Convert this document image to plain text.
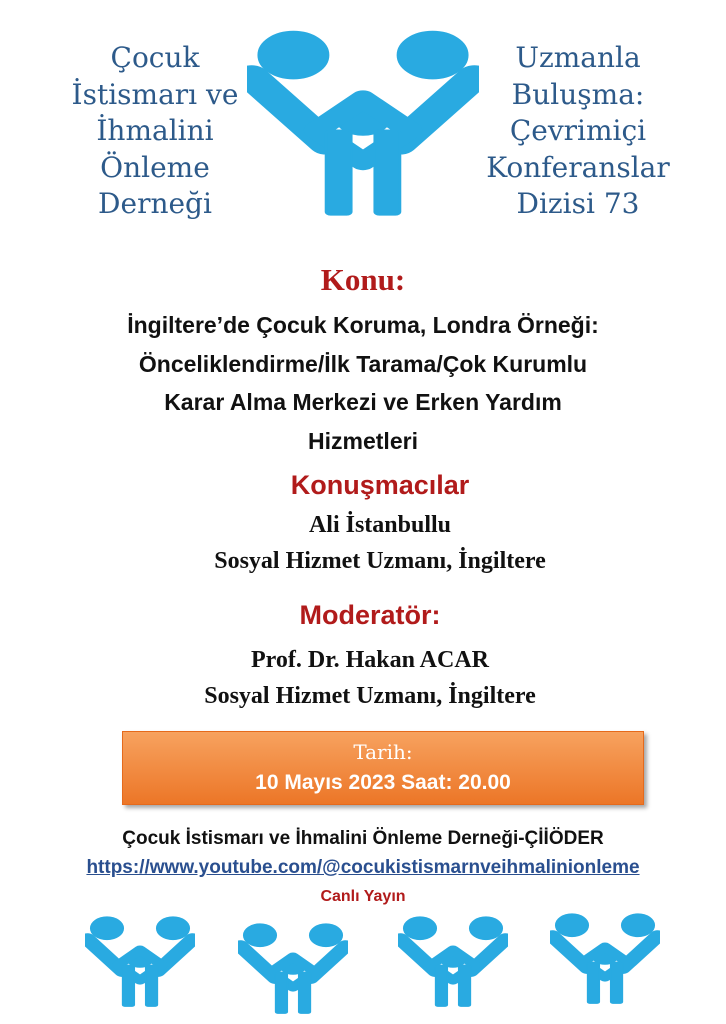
Çocuk
İstismarı ve
İhmalini
Önleme
Derneği
Uzmanla
Buluşma:
Çevrimiçi
Konferanslar
Dizisi 73
Konu:
İngiltere’de Çocuk Koruma, Londra Örneği:
Önceliklendirme/İlk Tarama/Çok Kurumlu
Karar Alma Merkezi ve Erken Yardım
Hizmetleri
Konuşmacılar
Ali İstanbullu
Sosyal Hizmet Uzmanı, İngiltere
Moderatör:
Prof. Dr. Hakan ACAR
Sosyal Hizmet Uzmanı, İngiltere
Tarih:
10 Mayıs 2023 Saat: 20.00
Çocuk İstismarı ve İhmalini Önleme Derneği-ÇİİÖDER
https://www.youtube.com/@cocukistismarnveihmalinionleme
Canlı Yayın
